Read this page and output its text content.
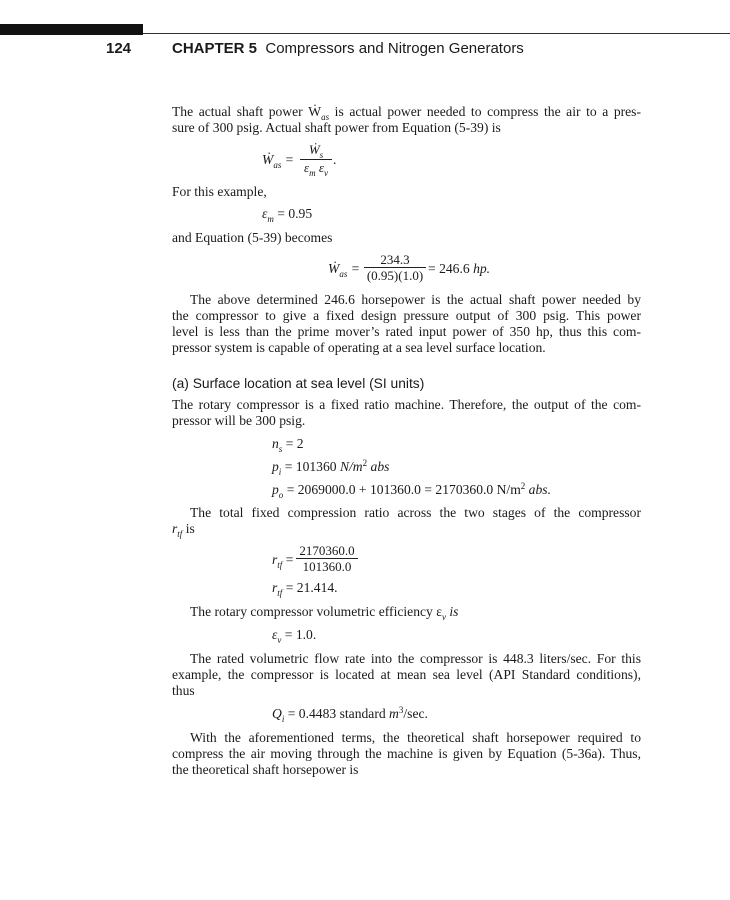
124	CHAPTER 5 Compressors and Nitrogen Generators
The actual shaft power Ẇ$_{as}$ is actual power needed to compress the air to a pres-
sure of 300 psig. Actual shaft power from Equation (5-39) is
Ẇ$_{as}$ = $\frac{Ẇ_s}{\varepsilon_m \varepsilon_v}$ .
For this example,
$\varepsilon_m = 0.95$
and Equation (5-39) becomes
Ẇ$_{as}$ = $\frac{234.3}{(0.95)(1.0)} = 246.6$ hp.
The above determined 246.6 horsepower is the actual shaft power needed by
the compressor to give a fixed design pressure output of 300 psig. This power
level is less than the prime mover’s rated input power of 350 hp, thus this com-
pressor system is capable of operating at a sea level surface location.
(a) Surface location at sea level (SI units)
The rotary compressor is a fixed ratio machine. Therefore, the output of the com-
pressor will be 300 psig.
$n_s = 2$
$p_i = 101360$ $N/m^2$ abs
$p_o = 2069000.0 + 101360.0 = 2170360.0$ $N/m^2$ abs.
The total fixed compression ratio across the two stages of the compressor
$r_{tf}$ is
$r_{tf} = \frac{2170360.0}{101360.0}$
$r_{tf} = 21.414$.
The rotary compressor volumetric efficiency $\varepsilon_v$ is
$\varepsilon_v = 1.0$.
The rated volumetric flow rate into the compressor is 448.3 liters/sec. For this
example, the compressor is located at mean sea level (API Standard conditions),
thus
$Q_i = 0.4483$ standard $m^3/\sec$.
With the aforementioned terms, the theoretical shaft horsepower required to
compress the air moving through the machine is given by Equation (5-36a). Thus,
the theoretical shaft horsepower is
